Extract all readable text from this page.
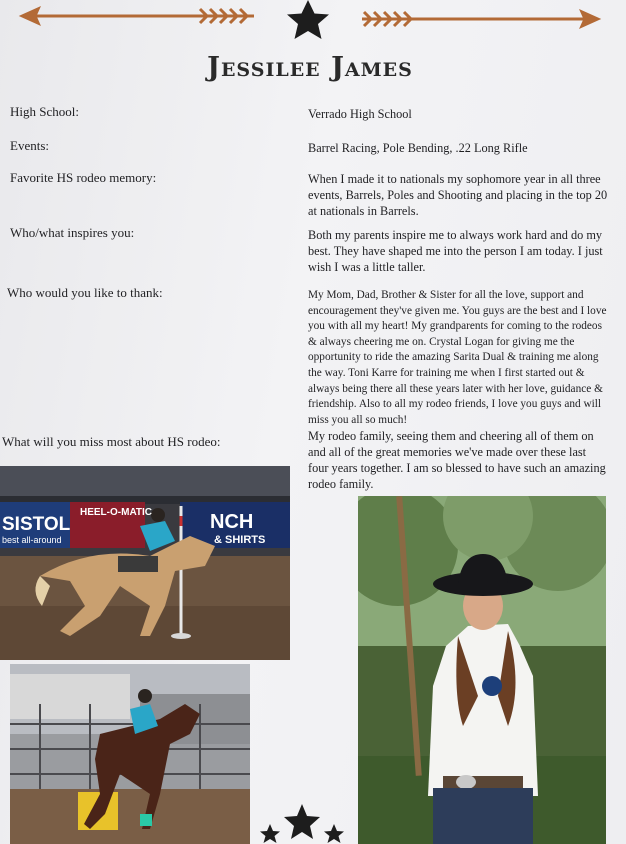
Jessilee James
High School:	Verrado High School
Events:	Barrel Racing, Pole Bending, .22 Long Rifle
Favorite HS rodeo memory:	When I made it to nationals my sophomore year in all three events, Barrels, Poles and Shooting and placing in the top 20 at nationals in Barrels.
Who/what inspires you:	Both my parents inspire me to always work hard and do my best. They have shaped me into the person I am today. I just wish I was a little taller.
Who would you like to thank:	My Mom, Dad, Brother & Sister for all the love, support and encouragement they've given me. You guys are the best and I love you with all my heart! My grandparents for coming to the rodeos & always cheering me on. Crystal Logan for giving me the opportunity to ride the amazing Sarita Dual & training me along the way. Toni Karre for training me when I first started out & always being there all these years later with her love, guidance & friendship. Also to all my rodeo friends, I love you guys and will miss you all so much!
What will you miss most about HS rodeo:	My rodeo family, seeing them and cheering all of them on and all of the great memories we've made over these last four years together. I am so blessed to have such an amazing rodeo family.
SISTOL
best all-around
HEEL-O-MATIC	NCH
& SHIRTS
